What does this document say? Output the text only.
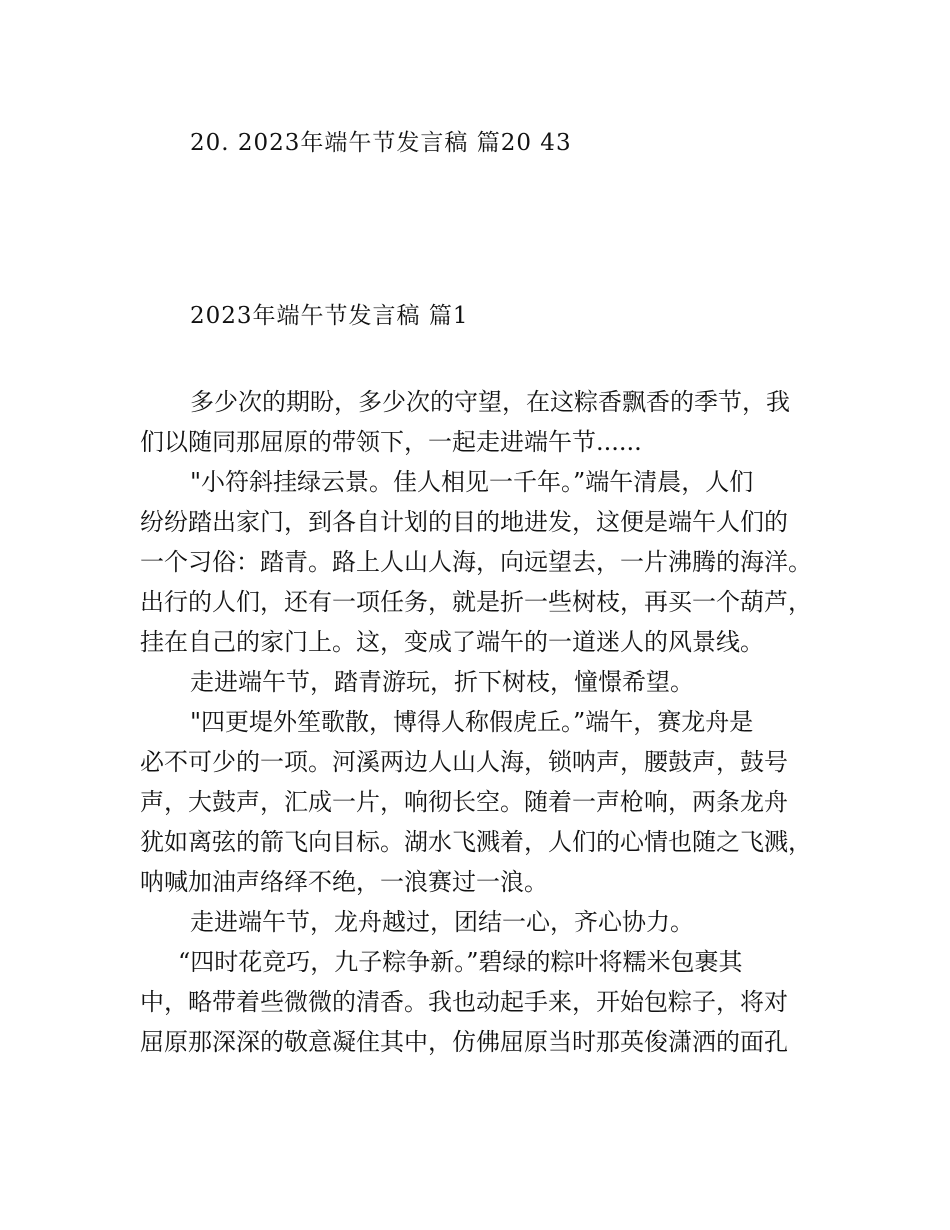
20. 2023年端午节发言稿 篇20 43
2023年端午节发言稿 篇1
多少次的期盼，多少次的守望，在这粽香飘香的季节，我
们以随同那屈原的带领下，一起走进端午节......
"小符斜挂绿云景。佳人相见一千年。”端午清晨，人们
纷纷踏出家门，到各自计划的目的地进发，这便是端午人们的
一个习俗：踏青。路上人山人海，向远望去，一片沸腾的海洋。
出行的人们，还有一项任务，就是折一些树枝，再买一个葫芦，
挂在自己的家门上。这，变成了端午的一道迷人的风景线。
走进端午节，踏青游玩，折下树枝，憧憬希望。
"四更堤外笙歌散，博得人称假虎丘。”端午，赛龙舟是
必不可少的一项。河溪两边人山人海，锁呐声，腰鼓声，鼓号
声，大鼓声，汇成一片，响彻长空。随着一声枪响，两条龙舟
犹如离弦的箭飞向目标。湖水飞溅着，人们的心情也随之飞溅，
呐喊加油声络绎不绝，一浪赛过一浪。
走进端午节，龙舟越过，团结一心，齐心协力。
“四时花竞巧，九子粽争新。”碧绿的粽叶将糯米包裹其
中，略带着些微微的清香。我也动起手来，开始包粽子，将对
屈原那深深的敬意凝住其中，仿佛屈原当时那英俊潇洒的面孔
